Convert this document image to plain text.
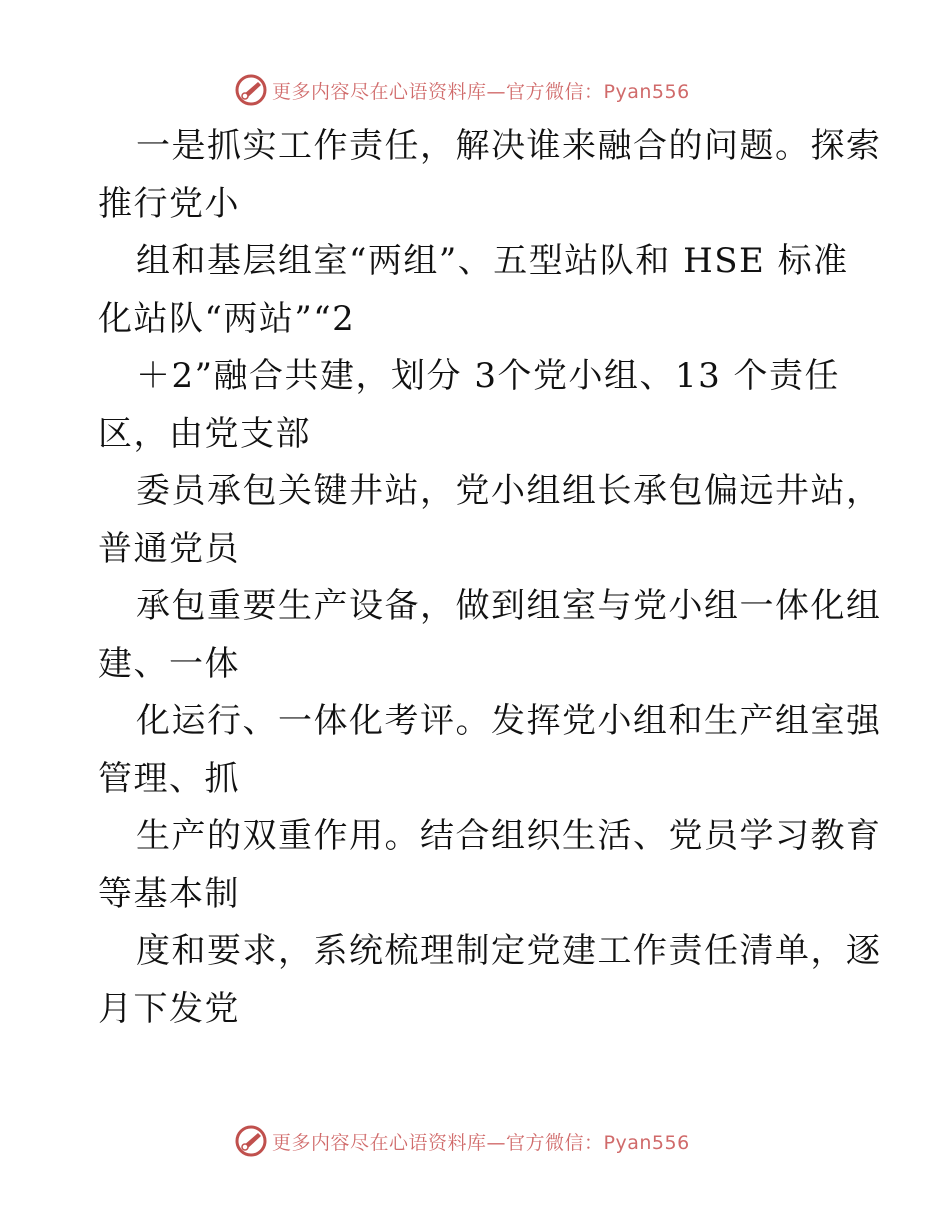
更多内容尽在心语资料库—官方微信：Pyan556
一是抓实工作责任，解决谁来融合的问题。探索
推行党小
组和基层组室“两组”、五型站队和 HSE 标准
化站队“两站”“2
＋2”融合共建，划分 3个党小组、13 个责任
区，由党支部
委员承包关键井站，党小组组长承包偏远井站，
普通党员
承包重要生产设备，做到组室与党小组一体化组
建、一体
化运行、一体化考评。发挥党小组和生产组室强
管理、抓
生产的双重作用。结合组织生活、党员学习教育
等基本制
度和要求，系统梳理制定党建工作责任清单，逐
月下发党
更多内容尽在心语资料库—官方微信：Pyan556
